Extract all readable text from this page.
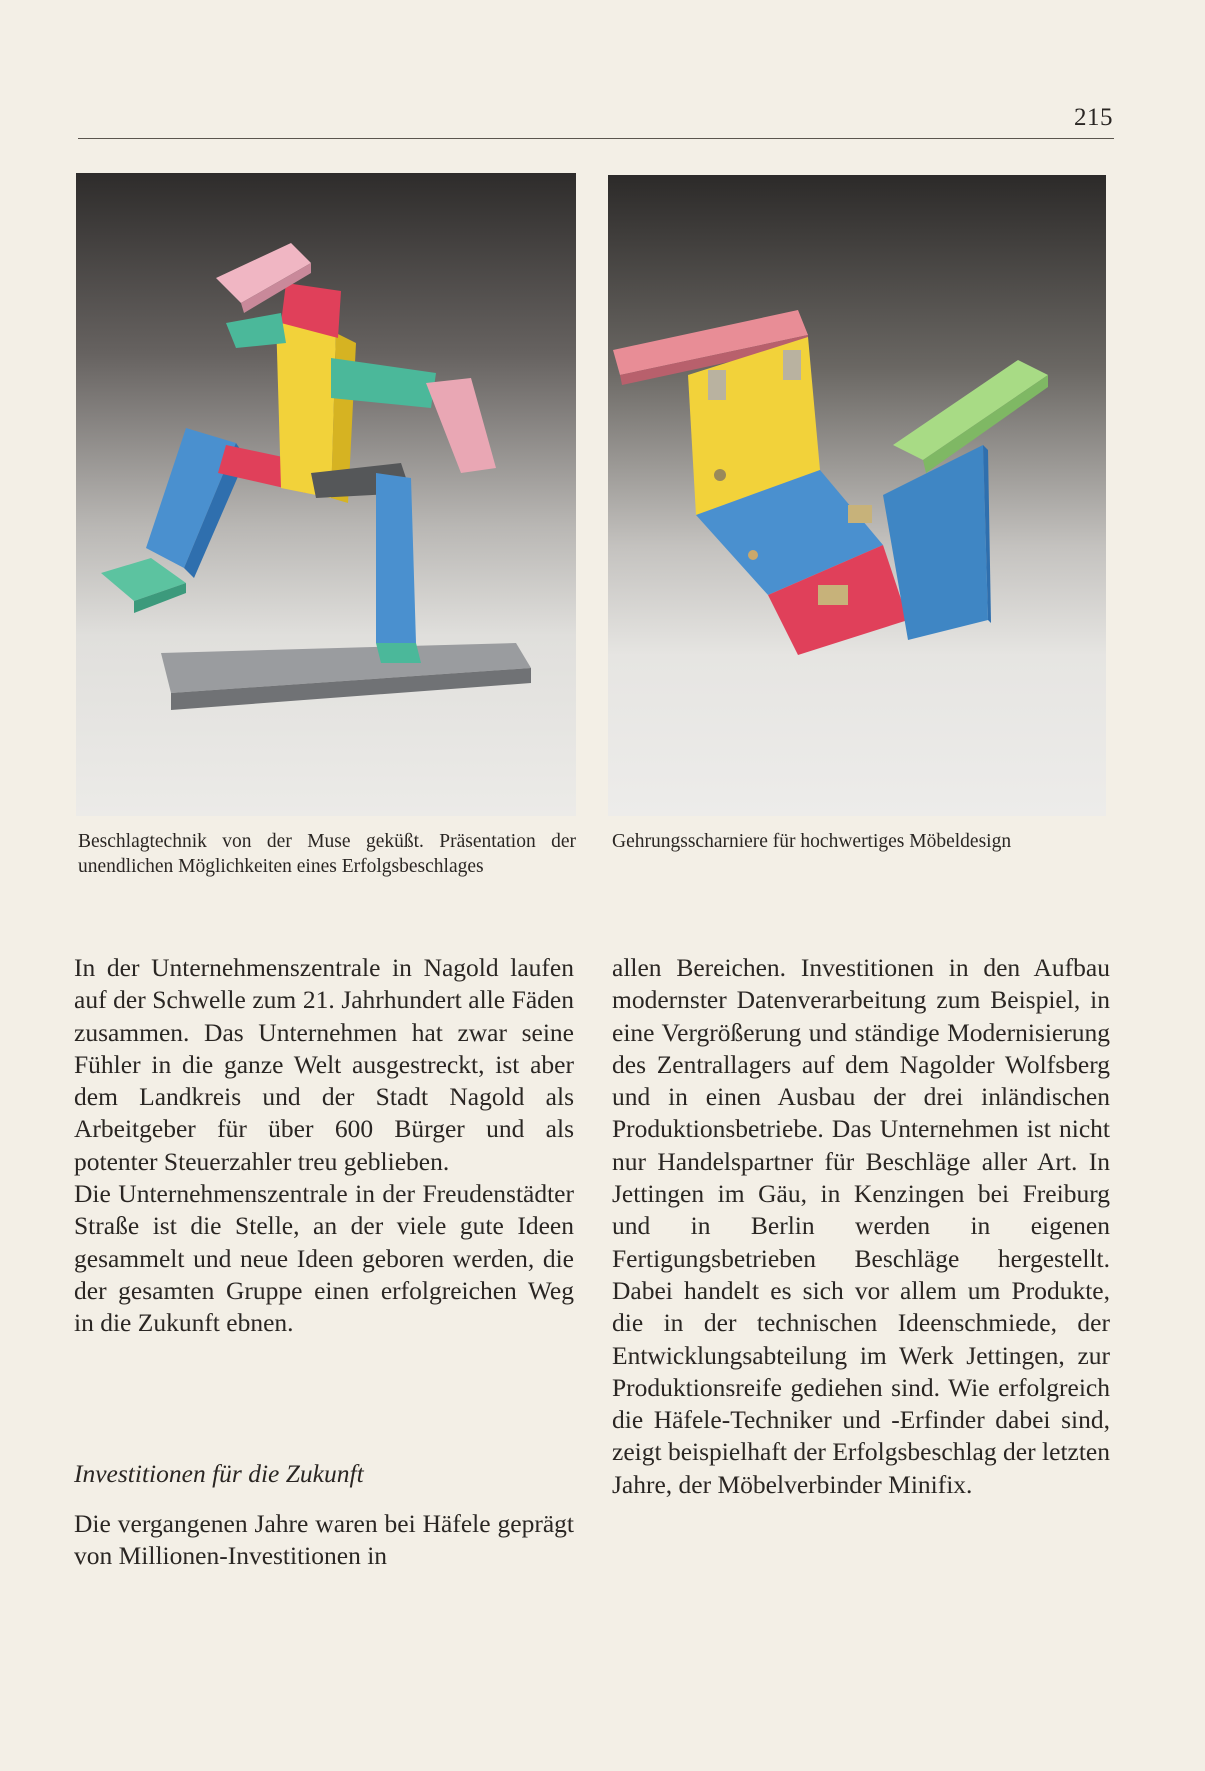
215
Beschlagtechnik von der Muse geküßt. Präsentation der unendlichen Möglichkeiten eines Erfolgsbeschlages
Gehrungsscharniere für hochwertiges Möbeldesign

In der Unternehmenszentrale in Nagold laufen auf der Schwelle zum 21. Jahrhundert alle Fäden zusammen. Das Unternehmen hat zwar seine Fühler in die ganze Welt ausgestreckt, ist aber dem Landkreis und der Stadt Nagold als Arbeitgeber für über 600 Bürger und als potenter Steuerzahler treu geblieben.

Die Unternehmenszentrale in der Freudenstädter Straße ist die Stelle, an der viele gute Ideen gesammelt und neue Ideen geboren werden, die der gesamten Gruppe einen erfolgreichen Weg in die Zukunft ebnen.

Investitionen für die Zukunft

Die vergangenen Jahre waren bei Häfele geprägt von Millionen-Investitionen in

allen Bereichen. Investitionen in den Aufbau modernster Datenverarbeitung zum Beispiel, in eine Vergrößerung und ständige Modernisierung des Zentrallagers auf dem Nagolder Wolfsberg und in einen Ausbau der drei inländischen Produktionsbetriebe. Das Unternehmen ist nicht nur Handelspartner für Beschläge aller Art. In Jettingen im Gäu, in Kenzingen bei Freiburg und in Berlin werden in eigenen Fertigungsbetrieben Beschläge hergestellt. Dabei handelt es sich vor allem um Produkte, die in der technischen Ideenschmiede, der Entwicklungsabteilung im Werk Jettingen, zur Produktionsreife gediehen sind. Wie erfolgreich die Häfele-Techniker und -Erfinder dabei sind, zeigt beispielhaft der Erfolgsbeschlag der letzten Jahre, der Möbelverbinder Minifix.
